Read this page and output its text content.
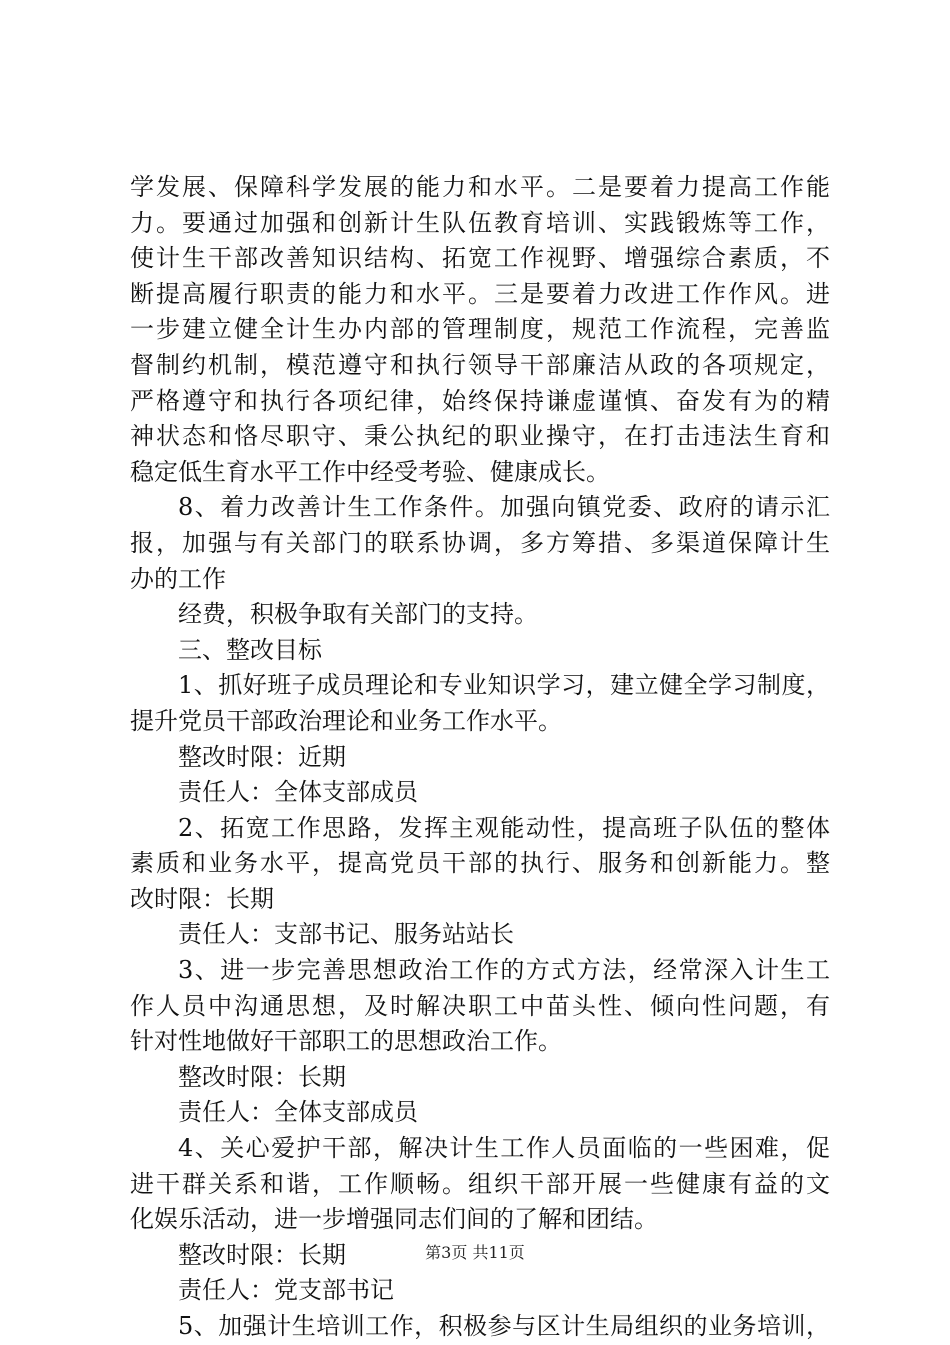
学发展、保障科学发展的能力和水平。二是要着力提高工作能
力。要通过加强和创新计生队伍教育培训、实践锻炼等工作，
使计生干部改善知识结构、拓宽工作视野、增强综合素质，不
断提高履行职责的能力和水平。三是要着力改进工作作风。进
一步建立健全计生办内部的管理制度，规范工作流程，完善监
督制约机制，模范遵守和执行领导干部廉洁从政的各项规定，
严格遵守和执行各项纪律，始终保持谦虚谨慎、奋发有为的精
神状态和恪尽职守、秉公执纪的职业操守，在打击违法生育和
稳定低生育水平工作中经受考验、健康成长。
8、着力改善计生工作条件。加强向镇党委、政府的请示汇
报，加强与有关部门的联系协调，多方筹措、多渠道保障计生
办的工作
经费，积极争取有关部门的支持。
三、整改目标
1、抓好班子成员理论和专业知识学习，建立健全学习制度，
提升党员干部政治理论和业务工作水平。
整改时限：近期
责任人：全体支部成员
2、拓宽工作思路，发挥主观能动性，提高班子队伍的整体
素质和业务水平，提高党员干部的执行、服务和创新能力。整
改时限：长期
责任人：支部书记、服务站站长
3、进一步完善思想政治工作的方式方法，经常深入计生工
作人员中沟通思想，及时解决职工中苗头性、倾向性问题，有
针对性地做好干部职工的思想政治工作。
整改时限：长期
责任人：全体支部成员
4、关心爱护干部，解决计生工作人员面临的一些困难，促
进干群关系和谐，工作顺畅。组织干部开展一些健康有益的文
化娱乐活动，进一步增强同志们间的了解和团结。
整改时限：长期
责任人：党支部书记
5、加强计生培训工作，积极参与区计生局组织的业务培训，
第3页 共11页
